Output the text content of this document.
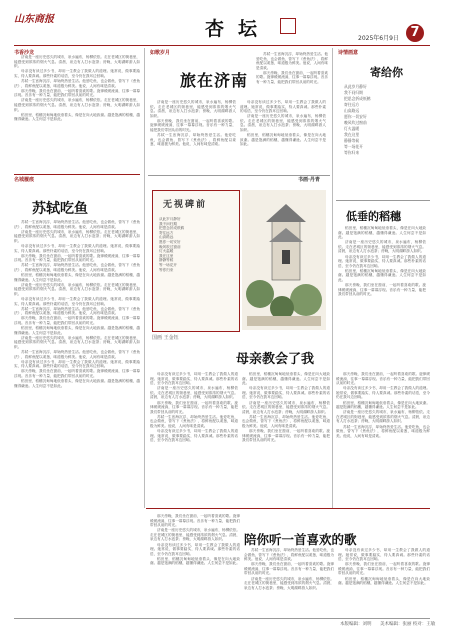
山东商报	杏坛	2025年6月9日 7
书香沙龙

济南是一座历史悠久的城市，泉水遍布，杨柳依依。走在老城区的街巷里，能感受到浓浓的烟火气息。清晨，泉边有人打水泡茶；傍晚，大明湖畔游人如织。

母亲没有读过多少书，却用一生教会了我做人的道理。她常说，做事要踏实，待人要真诚。那些朴素的话语，至今仍在我耳边回响。

苏轼一生宦海沉浮，却始终热爱生活。他爱吃鱼，也会做鱼，曾写下《煮鱼法》，将鲜鱼配以姜葱，味道极为鲜美。他说，人间有味是清欢。

那天傍晚，我们坐在窗前，一起听着喜欢的歌。旋律缓缓流淌，往事一幕幕浮现。音乐有一种力量，能把我们带回从前的时光。

济南是一座历史悠久的城市，泉水遍布，杨柳依依。走在老城区的街巷里，能感受到浓浓的烟火气息。清晨，泉边有人打水泡茶；傍晚，大明湖畔游人如织。

稻田里，稻穗沉甸甸地低垂着头，像是在向大地致谢。越是饱满的稻穗，越懂得谦逊。人生何尝不是如此。

名城履痕
苏轼吃鱼

苏轼一生宦海沉浮，却始终热爱生活。他爱吃鱼，也会做鱼，曾写下《煮鱼法》，将鲜鱼配以姜葱，味道极为鲜美。他说，人间有味是清欢。

济南是一座历史悠久的城市，泉水遍布，杨柳依依。走在老城区的街巷里，能感受到浓浓的烟火气息。清晨，泉边有人打水泡茶；傍晚，大明湖畔游人如织。

母亲没有读过多少书，却用一生教会了我做人的道理。她常说，做事要踏实，待人要真诚。那些朴素的话语，至今仍在我耳边回响。

那天傍晚，我们坐在窗前，一起听着喜欢的歌。旋律缓缓流淌，往事一幕幕浮现。音乐有一种力量，能把我们带回从前的时光。

苏轼一生宦海沉浮，却始终热爱生活。他爱吃鱼，也会做鱼，曾写下《煮鱼法》，将鲜鱼配以姜葱，味道极为鲜美。他说，人间有味是清欢。

稻田里，稻穗沉甸甸地低垂着头，像是在向大地致谢。越是饱满的稻穗，越懂得谦逊。人生何尝不是如此。

济南是一座历史悠久的城市，泉水遍布，杨柳依依。走在老城区的街巷里，能感受到浓浓的烟火气息。清晨，泉边有人打水泡茶；傍晚，大明湖畔游人如织。

母亲没有读过多少书，却用一生教会了我做人的道理。她常说，做事要踏实，待人要真诚。那些朴素的话语，至今仍在我耳边回响。

苏轼一生宦海沉浮，却始终热爱生活。他爱吃鱼，也会做鱼，曾写下《煮鱼法》，将鲜鱼配以姜葱，味道极为鲜美。他说，人间有味是清欢。

那天傍晚，我们坐在窗前，一起听着喜欢的歌。旋律缓缓流淌，往事一幕幕浮现。音乐有一种力量，能把我们带回从前的时光。

稻田里，稻穗沉甸甸地低垂着头，像是在向大地致谢。越是饱满的稻穗，越懂得谦逊。人生何尝不是如此。

济南是一座历史悠久的城市，泉水遍布，杨柳依依。走在老城区的街巷里，能感受到浓浓的烟火气息。清晨，泉边有人打水泡茶；傍晚，大明湖畔游人如织。

苏轼一生宦海沉浮，却始终热爱生活。他爱吃鱼，也会做鱼，曾写下《煮鱼法》，将鲜鱼配以姜葱，味道极为鲜美。他说，人间有味是清欢。

母亲没有读过多少书，却用一生教会了我做人的道理。她常说，做事要踏实，待人要真诚。那些朴素的话语，至今仍在我耳边回响。

那天傍晚，我们坐在窗前，一起听着喜欢的歌。旋律缓缓流淌，往事一幕幕浮现。音乐有一种力量，能把我们带回从前的时光。

稻田里，稻穗沉甸甸地低垂着头，像是在向大地致谢。越是饱满的稻穗，越懂得谦逊。人生何尝不是如此。

如歌岁月
旅在济南

济南是一座历史悠久的城市，泉水遍布，杨柳依依。走在老城区的街巷里，能感受到浓浓的烟火气息。清晨，泉边有人打水泡茶；傍晚，大明湖畔游人如织。

那天傍晚，我们坐在窗前，一起听着喜欢的歌。旋律缓缓流淌，往事一幕幕浮现。音乐有一种力量，能把我们带回从前的时光。

苏轼一生宦海沉浮，却始终热爱生活。他爱吃鱼，也会做鱼，曾写下《煮鱼法》，将鲜鱼配以姜葱，味道极为鲜美。他说，人间有味是清欢。

母亲没有读过多少书，却用一生教会了我做人的道理。她常说，做事要踏实，待人要真诚。那些朴素的话语，至今仍在我耳边回响。

济南是一座历史悠久的城市，泉水遍布，杨柳依依。走在老城区的街巷里，能感受到浓浓的烟火气息。清晨，泉边有人打水泡茶；傍晚，大明湖畔游人如织。

稻田里，稻穗沉甸甸地低垂着头，像是在向大地致谢。越是饱满的稻穗，越懂得谦逊。人生何尝不是如此。

苏轼一生宦海沉浮，却始终热爱生活。他爱吃鱼，也会做鱼，曾写下《煮鱼法》，将鲜鱼配以姜葱，味道极为鲜美。他说，人间有味是清欢。

那天傍晚，我们坐在窗前，一起听着喜欢的歌。旋律缓缓流淌，往事一幕幕浮现。音乐有一种力量，能把我们带回从前的时光。

书画·丹青
无视碑前
从此岁月静好
我不问归期
把思念折成纸鹤
寄往远方
山高路远
愿你一切安好
晚风吹过窗前
灯火温暖
我在这里
静静等候
等一场花开
等你归来
国画 王金钰
母亲教会了我

母亲没有读过多少书，却用一生教会了我做人的道理。她常说，做事要踏实，待人要真诚。那些朴素的话语，至今仍在我耳边回响。

济南是一座历史悠久的城市，泉水遍布，杨柳依依。走在老城区的街巷里，能感受到浓浓的烟火气息。清晨，泉边有人打水泡茶；傍晚，大明湖畔游人如织。

那天傍晚，我们坐在窗前，一起听着喜欢的歌。旋律缓缓流淌，往事一幕幕浮现。音乐有一种力量，能把我们带回从前的时光。

苏轼一生宦海沉浮，却始终热爱生活。他爱吃鱼，也会做鱼，曾写下《煮鱼法》，将鲜鱼配以姜葱，味道极为鲜美。他说，人间有味是清欢。

母亲没有读过多少书，却用一生教会了我做人的道理。她常说，做事要踏实，待人要真诚。那些朴素的话语，至今仍在我耳边回响。

稻田里，稻穗沉甸甸地低垂着头，像是在向大地致谢。越是饱满的稻穗，越懂得谦逊。人生何尝不是如此。

母亲没有读过多少书，却用一生教会了我做人的道理。她常说，做事要踏实，待人要真诚。那些朴素的话语，至今仍在我耳边回响。

济南是一座历史悠久的城市，泉水遍布，杨柳依依。走在老城区的街巷里，能感受到浓浓的烟火气息。清晨，泉边有人打水泡茶；傍晚，大明湖畔游人如织。

苏轼一生宦海沉浮，却始终热爱生活。他爱吃鱼，也会做鱼，曾写下《煮鱼法》，将鲜鱼配以姜葱，味道极为鲜美。他说，人间有味是清欢。

那天傍晚，我们坐在窗前，一起听着喜欢的歌。旋律缓缓流淌，往事一幕幕浮现。音乐有一种力量，能把我们带回从前的时光。

那天傍晚，我们坐在窗前，一起听着喜欢的歌。旋律缓缓流淌，往事一幕幕浮现。音乐有一种力量，能把我们带回从前的时光。

母亲没有读过多少书，却用一生教会了我做人的道理。她常说，做事要踏实，待人要真诚。那些朴素的话语，至今仍在我耳边回响。

稻田里，稻穗沉甸甸地低垂着头，像是在向大地致谢。越是饱满的稻穗，越懂得谦逊。人生何尝不是如此。

济南是一座历史悠久的城市，泉水遍布，杨柳依依。走在老城区的街巷里，能感受到浓浓的烟火气息。清晨，泉边有人打水泡茶；傍晚，大明湖畔游人如织。

苏轼一生宦海沉浮，却始终热爱生活。他爱吃鱼，也会做鱼，曾写下《煮鱼法》，将鲜鱼配以姜葱，味道极为鲜美。他说，人间有味是清欢。

诗情画意
寄给你
从此岁月静好
我不问归期
把思念折成纸鹤
寄往远方
山高路远
愿你一切安好
晚风吹过窗前
灯火温暖
我在这里
静静等候
等一场花开
等你归来
低垂的稻穗

稻田里，稻穗沉甸甸地低垂着头，像是在向大地致谢。越是饱满的稻穗，越懂得谦逊。人生何尝不是如此。

济南是一座历史悠久的城市，泉水遍布，杨柳依依。走在老城区的街巷里，能感受到浓浓的烟火气息。清晨，泉边有人打水泡茶；傍晚，大明湖畔游人如织。

母亲没有读过多少书，却用一生教会了我做人的道理。她常说，做事要踏实，待人要真诚。那些朴素的话语，至今仍在我耳边回响。

稻田里，稻穗沉甸甸地低垂着头，像是在向大地致谢。越是饱满的稻穗，越懂得谦逊。人生何尝不是如此。

那天傍晚，我们坐在窗前，一起听着喜欢的歌。旋律缓缓流淌，往事一幕幕浮现。音乐有一种力量，能把我们带回从前的时光。

那天傍晚，我们坐在窗前，一起听着喜欢的歌。旋律缓缓流淌，往事一幕幕浮现。音乐有一种力量，能把我们带回从前的时光。

济南是一座历史悠久的城市，泉水遍布，杨柳依依。走在老城区的街巷里，能感受到浓浓的烟火气息。清晨，泉边有人打水泡茶；傍晚，大明湖畔游人如织。

母亲没有读过多少书，却用一生教会了我做人的道理。她常说，做事要踏实，待人要真诚。那些朴素的话语，至今仍在我耳边回响。

稻田里，稻穗沉甸甸地低垂着头，像是在向大地致谢。越是饱满的稻穗，越懂得谦逊。人生何尝不是如此。

陪你听一首喜欢的歌

苏轼一生宦海沉浮，却始终热爱生活。他爱吃鱼，也会做鱼，曾写下《煮鱼法》，将鲜鱼配以姜葱，味道极为鲜美。他说，人间有味是清欢。

那天傍晚，我们坐在窗前，一起听着喜欢的歌。旋律缓缓流淌，往事一幕幕浮现。音乐有一种力量，能把我们带回从前的时光。

济南是一座历史悠久的城市，泉水遍布，杨柳依依。走在老城区的街巷里，能感受到浓浓的烟火气息。清晨，泉边有人打水泡茶；傍晚，大明湖畔游人如织。

母亲没有读过多少书，却用一生教会了我做人的道理。她常说，做事要踏实，待人要真诚。那些朴素的话语，至今仍在我耳边回响。

那天傍晚，我们坐在窗前，一起听着喜欢的歌。旋律缓缓流淌，往事一幕幕浮现。音乐有一种力量，能把我们带回从前的时光。

稻田里，稻穗沉甸甸地低垂着头，像是在向大地致谢。越是饱满的稻穗，越懂得谦逊。人生何尝不是如此。

本版编辑：刘明 美术编辑：张丽 校对：王敏
